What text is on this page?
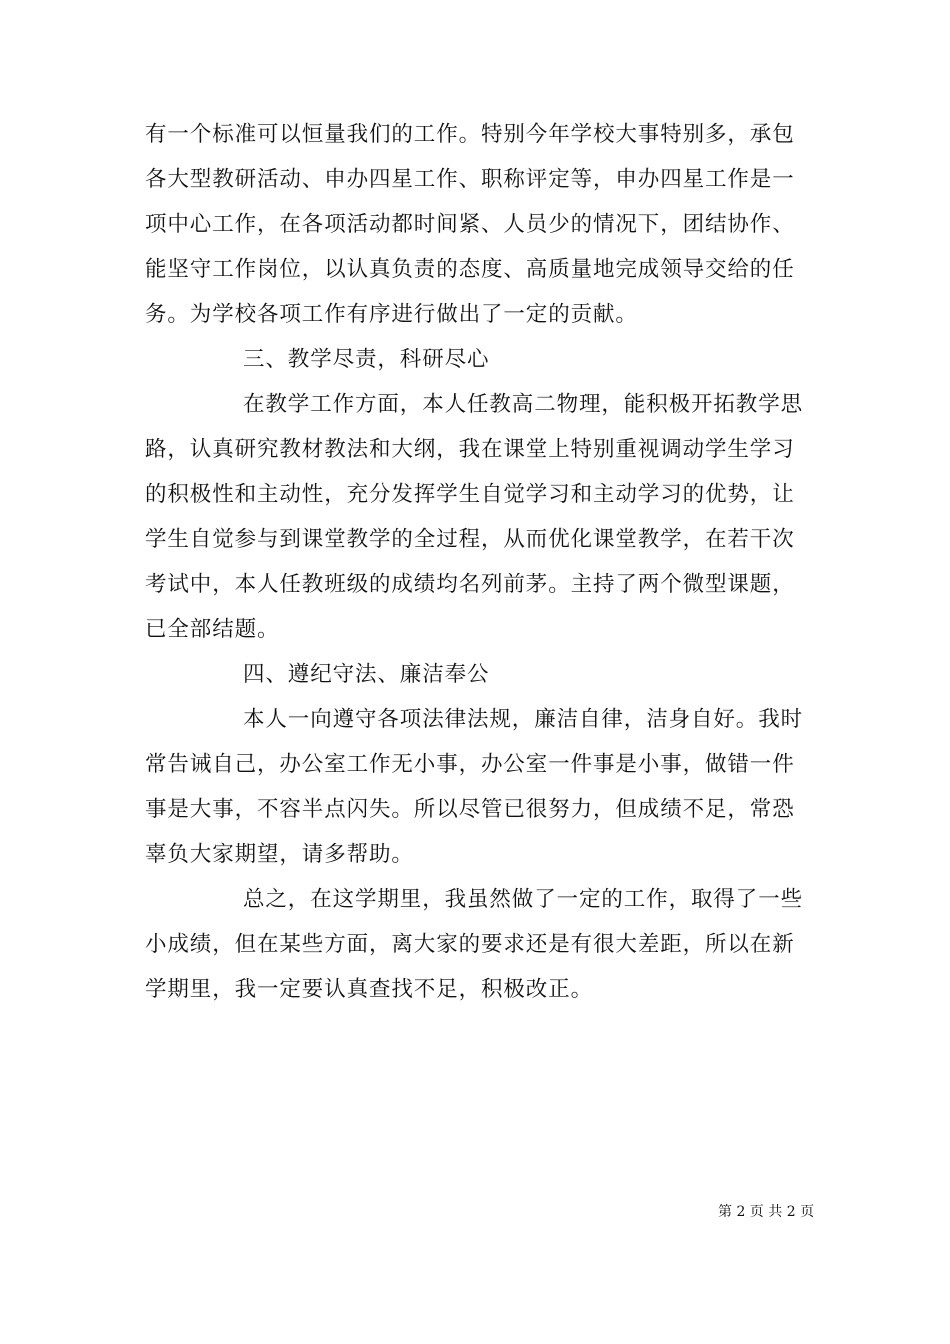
有一个标准可以恒量我们的工作。特别今年学校大事特别多，承包
各大型教研活动、申办四星工作、职称评定等，申办四星工作是一
项中心工作，在各项活动都时间紧、人员少的情况下，团结协作、
能坚守工作岗位，以认真负责的态度、高质量地完成领导交给的任
务。为学校各项工作有序进行做出了一定的贡献。
三、教学尽责，科研尽心
在教学工作方面，本人任教高二物理，能积极开拓教学思
路，认真研究教材教法和大纲，我在课堂上特别重视调动学生学习
的积极性和主动性，充分发挥学生自觉学习和主动学习的优势，让
学生自觉参与到课堂教学的全过程，从而优化课堂教学，在若干次
考试中，本人任教班级的成绩均名列前茅。主持了两个微型课题，
已全部结题。
四、遵纪守法、廉洁奉公
本人一向遵守各项法律法规，廉洁自律，洁身自好。我时
常告诫自己，办公室工作无小事，办公室一件事是小事，做错一件
事是大事，不容半点闪失。所以尽管已很努力，但成绩不足，常恐
辜负大家期望，请多帮助。
总之，在这学期里，我虽然做了一定的工作，取得了一些
小成绩，但在某些方面，离大家的要求还是有很大差距，所以在新
学期里，我一定要认真查找不足，积极改正。
第 2 页 共 2 页
